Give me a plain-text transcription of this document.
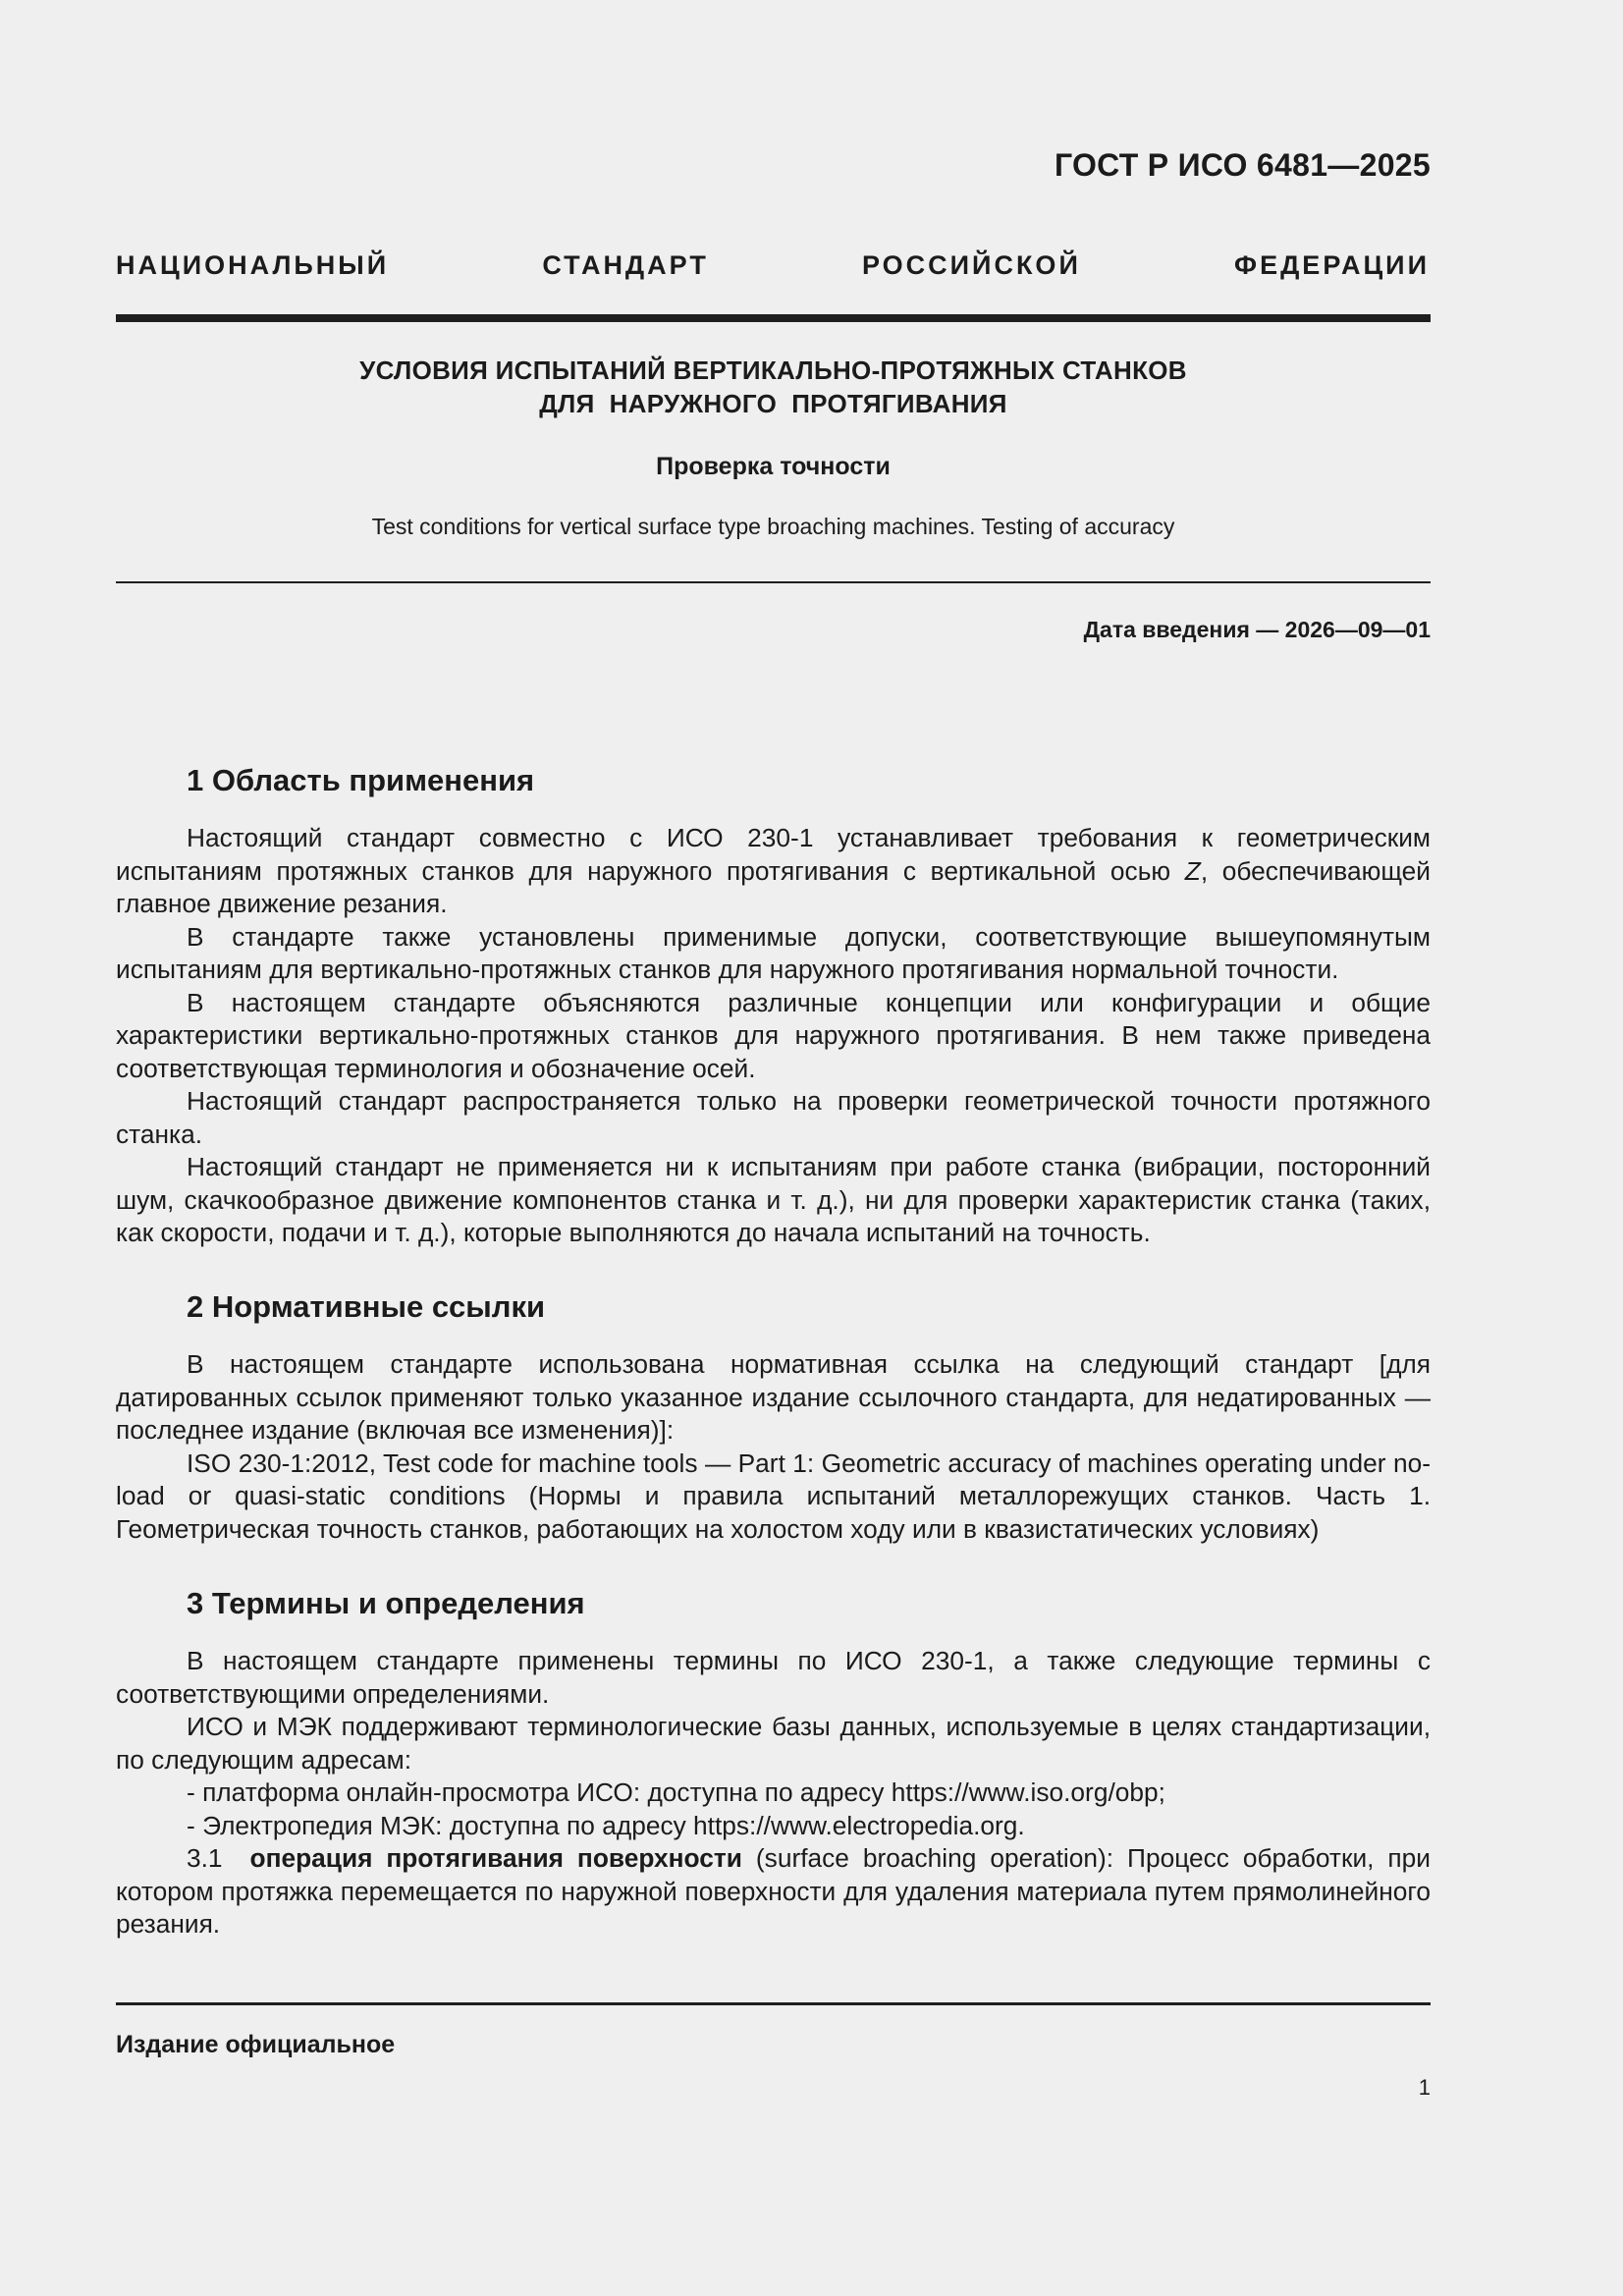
ГОСТ Р ИСО 6481—2025
НАЦИОНАЛЬНЫЙ СТАНДАРТ РОССИЙСКОЙ ФЕДЕРАЦИИ
УСЛОВИЯ ИСПЫТАНИЙ ВЕРТИКАЛЬНО-ПРОТЯЖНЫХ СТАНКОВ
ДЛЯ  НАРУЖНОГО  ПРОТЯГИВАНИЯ
Проверка точности
Test conditions for vertical surface type broaching machines. Testing of accuracy
Дата введения — 2026—09—01
1 Область применения

Настоящий стандарт совместно с ИСО 230-1 устанавливает требования к геометрическим испытаниям протяжных станков для наружного протягивания с вертикальной осью Z, обеспечивающей главное движение резания.

В стандарте также установлены применимые допуски, соответствующие вышеупомянутым испытаниям для вертикально-протяжных станков для наружного протягивания нормальной точности.

В настоящем стандарте объясняются различные концепции или конфигурации и общие характеристики вертикально-протяжных станков для наружного протягивания. В нем также приведена соответствующая терминология и обозначение осей.

Настоящий стандарт распространяется только на проверки геометрической точности протяжного станка.

Настоящий стандарт не применяется ни к испытаниям при работе станка (вибрации, посторонний шум, скачкообразное движение компонентов станка и т. д.), ни для проверки характеристик станка (таких, как скорости, подачи и т. д.), которые выполняются до начала испытаний на точность.

2 Нормативные ссылки

В настоящем стандарте использована нормативная ссылка на следующий стандарт [для датированных ссылок применяют только указанное издание ссылочного стандарта, для недатированных — последнее издание (включая все изменения)]:

ISO 230-1:2012, Test code for machine tools — Part 1: Geometric accuracy of machines operating under no-load or quasi-static conditions (Нормы и правила испытаний металлорежущих станков. Часть 1. Геометрическая точность станков, работающих на холостом ходу или в квазистатических условиях)

3 Термины и определения

В настоящем стандарте применены термины по ИСО 230-1, а также следующие термины с соответствующими определениями.

ИСО и МЭК поддерживают терминологические базы данных, используемые в целях стандартизации, по следующим адресам:

- платформа онлайн-просмотра ИСО: доступна по адресу https://www.iso.org/obp;

- Электропедия МЭК: доступна по адресу https://www.electropedia.org.

3.1 операция протягивания поверхности (surface broaching operation): Процесс обработки, при котором протяжка перемещается по наружной поверхности для удаления материала путем прямолинейного резания.

Издание официальное
1
